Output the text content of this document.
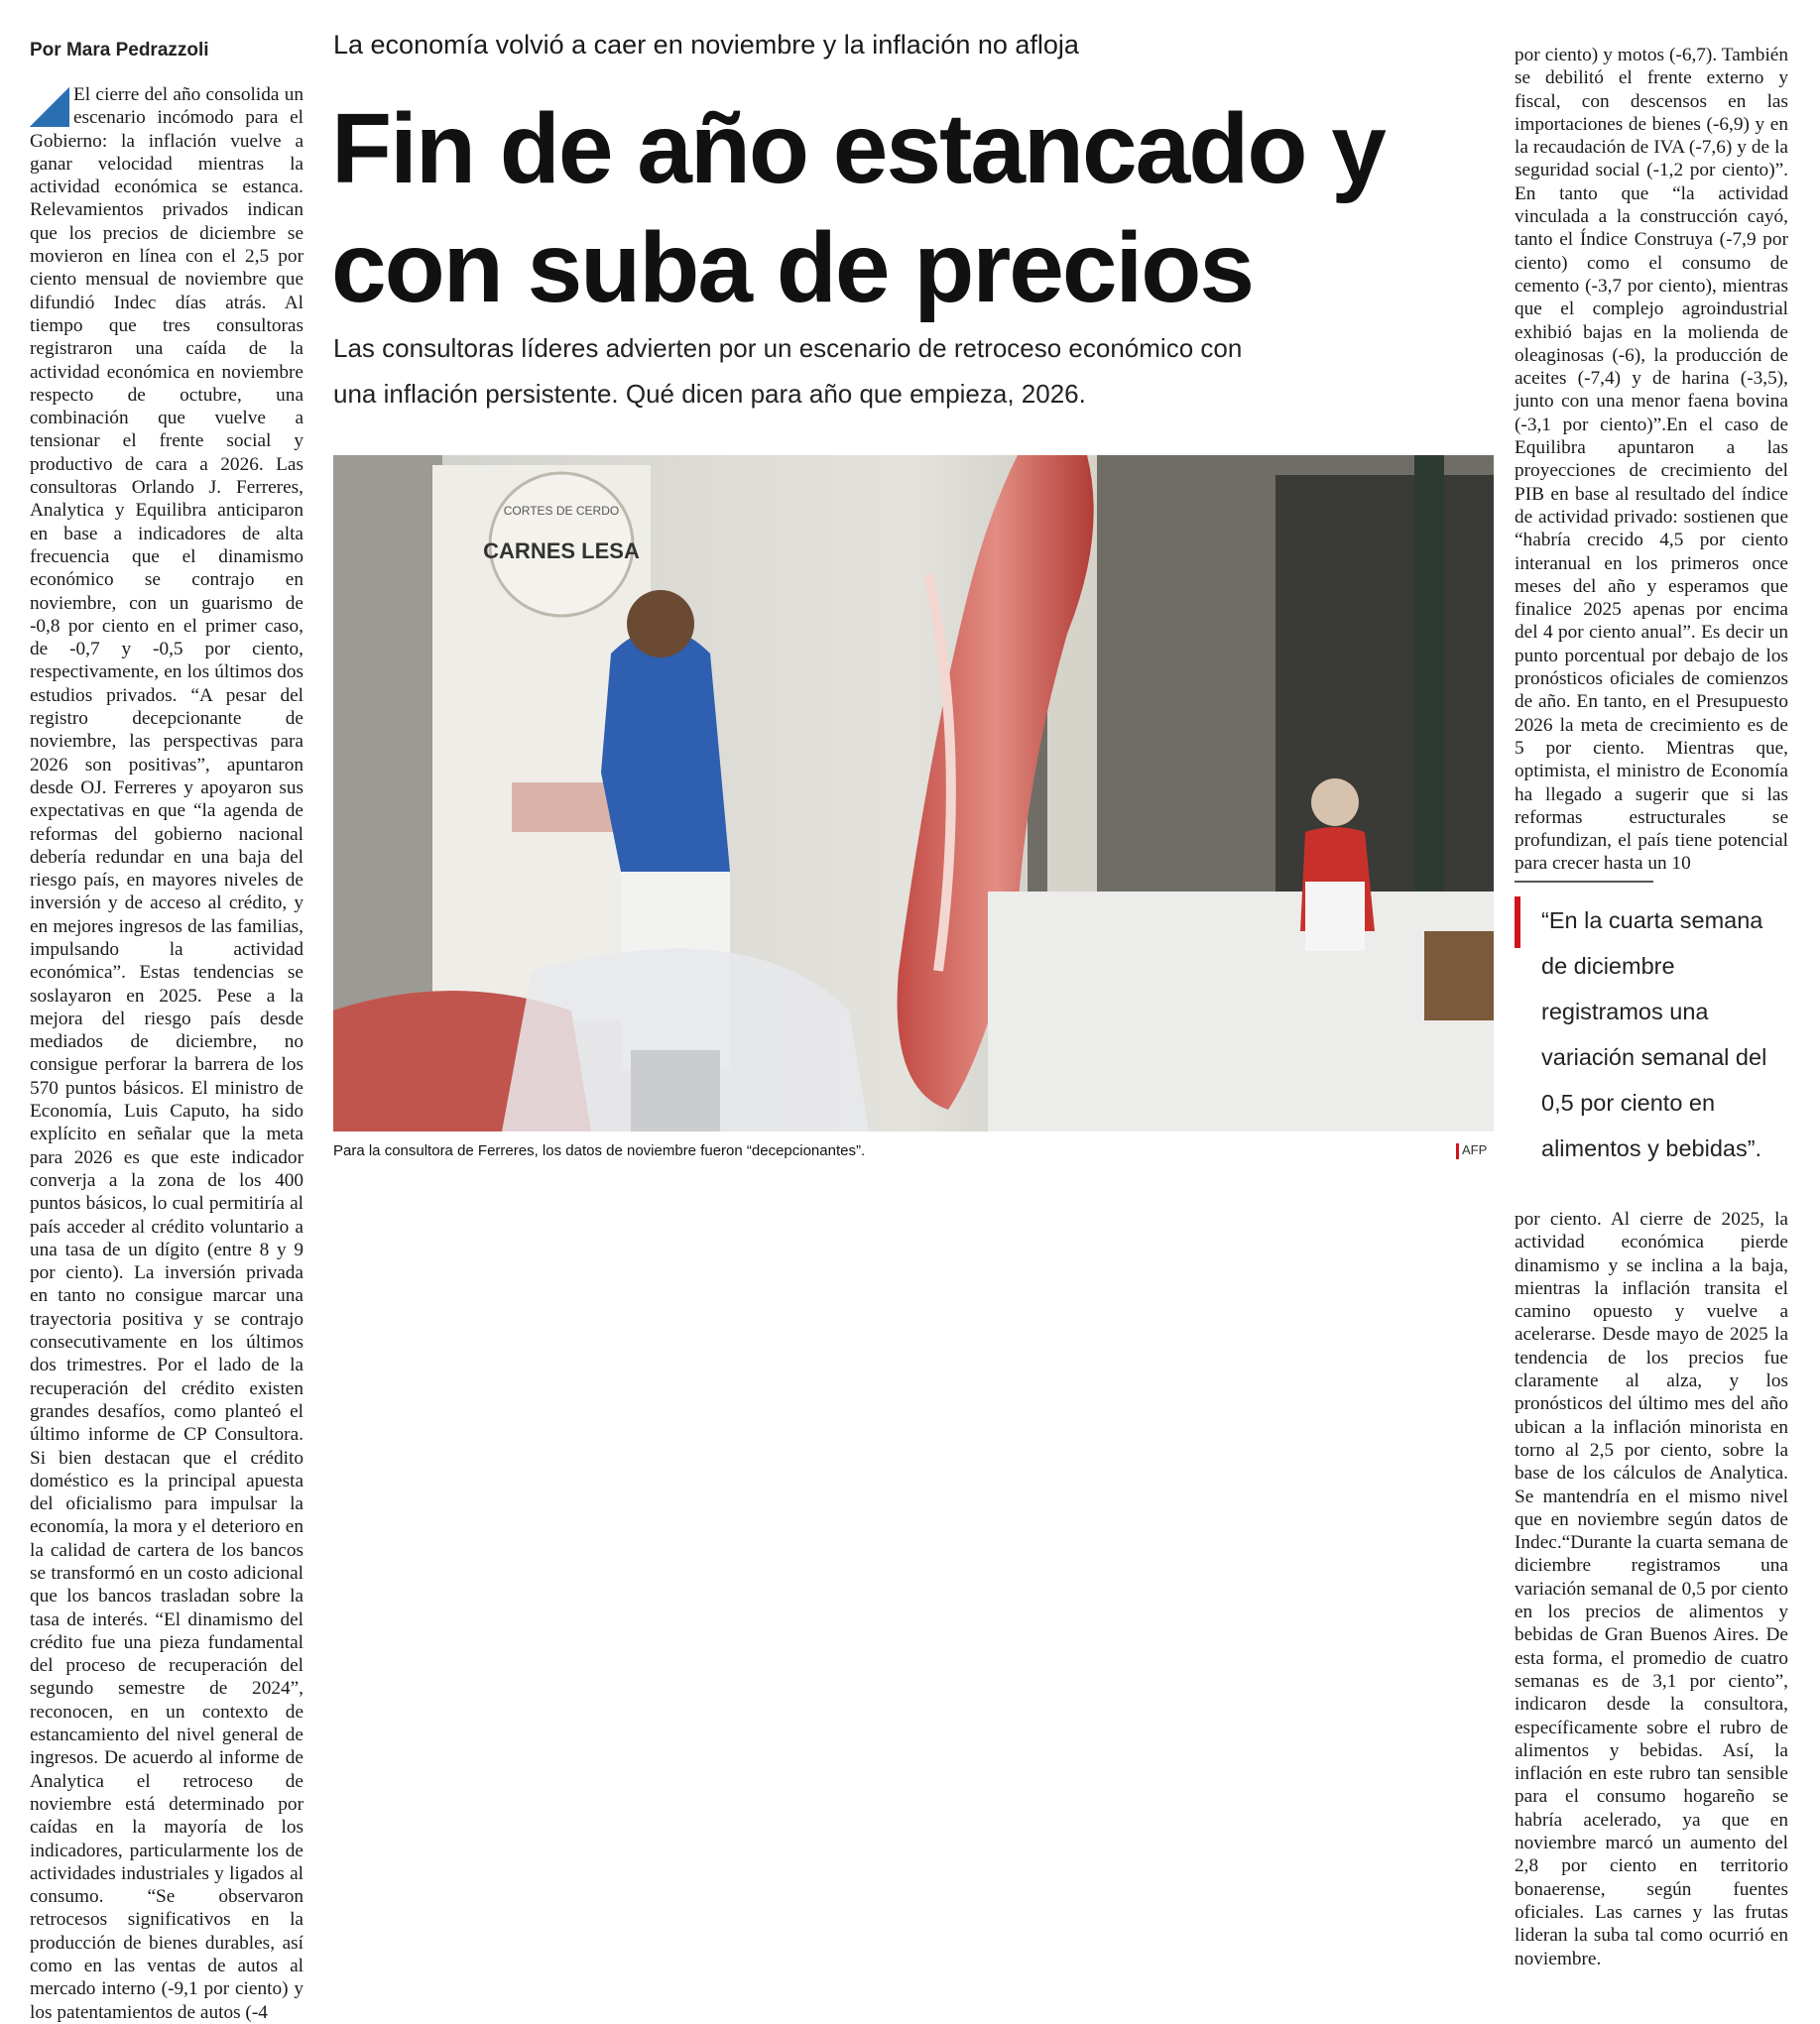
Por Mara Pedrazzoli
El cierre del año consolida un escenario incómodo para el Gobierno: la inflación vuelve a ganar velocidad mientras la actividad económica se estanca. Relevamientos privados indican que los precios de diciembre se movieron en línea con el 2,5 por ciento mensual de noviembre que difundió Indec días atrás. Al tiempo que tres consultoras registraron una caída de la actividad económica en noviembre respecto de octubre, una combinación que vuelve a tensionar el frente social y productivo de cara a 2026. Las consultoras Orlando J. Ferreres, Analytica y Equilibra anticiparon en base a indicadores de alta frecuencia que el dinamismo económico se contrajo en noviembre, con un guarismo de -0,8 por ciento en el primer caso, de -0,7 y -0,5 por ciento, respectivamente, en los últimos dos estudios privados. “A pesar del registro decepcionante de noviembre, las perspectivas para 2026 son positivas”, apuntaron desde OJ. Ferreres y apoyaron sus expectativas en que “la agenda de reformas del gobierno nacional debería redundar en una baja del riesgo país, en mayores niveles de inversión y de acceso al crédito, y en mejores ingresos de las familias, impulsando la actividad económica”. Estas tendencias se soslayaron en 2025. Pese a la mejora del riesgo país desde mediados de diciembre, no consigue perforar la barrera de los 570 puntos básicos. El ministro de Economía, Luis Caputo, ha sido explícito en señalar que la meta para 2026 es que este indicador converja a la zona de los 400 puntos básicos, lo cual permitiría al país acceder al crédito voluntario a una tasa de un dígito (entre 8 y 9 por ciento). La inversión privada en tanto no consigue marcar una trayectoria positiva y se contrajo consecutivamente en los últimos dos trimestres. Por el lado de la recuperación del crédito existen grandes desafíos, como planteó el último informe de CP Consultora. Si bien destacan que el crédito doméstico es la principal apuesta del oficialismo para impulsar la economía, la mora y el deterioro en la calidad de cartera de los bancos se transformó en un costo adicional que los bancos trasladan sobre la tasa de interés. “El dinamismo del crédito fue una pieza fundamental del proceso de recuperación del segundo semestre de 2024”, reconocen, en un contexto de estancamiento del nivel general de ingresos. De acuerdo al informe de Analytica el retroceso de noviembre está determinado por caídas en la mayoría de los indicadores, particularmente los de actividades industriales y ligados al consumo. “Se observaron retrocesos significativos en la producción de bienes durables, así como en las ventas de autos al mercado interno (-9,1 por ciento) y los patentamientos de autos (-4
La economía volvió a caer en noviembre y la inflación no afloja
Fin de año estancado y con suba de precios
Las consultoras líderes advierten por un escenario de retroceso económico con una inflación persistente. Qué dicen para año que empieza, 2026.
CORTES DE CERDO
CARNES LESA
Para la consultora de Ferreres, los datos de noviembre fueron “decepcionantes”.	AFP
por ciento) y motos (-6,7). También se debilitó el frente externo y fiscal, con descensos en las importaciones de bienes (-6,9) y en la recaudación de IVA (-7,6) y de la seguridad social (-1,2 por ciento)”. En tanto que “la actividad vinculada a la construcción cayó, tanto el Índice Construya (-7,9 por ciento) como el consumo de cemento (-3,7 por ciento), mientras que el complejo agroindustrial exhibió bajas en la molienda de oleaginosas (-6), la producción de aceites (-7,4) y de harina (-3,5), junto con una menor faena bovina (-3,1 por ciento)”.En el caso de Equilibra apuntaron a las proyecciones de crecimiento del PIB en base al resultado del índice de actividad privado: sostienen que “habría crecido 4,5 por ciento interanual en los primeros once meses del año y esperamos que finalice 2025 apenas por encima del 4 por ciento anual”. Es decir un punto porcentual por debajo de los pronósticos oficiales de comienzos de año. En tanto, en el Presupuesto 2026 la meta de crecimiento es de 5 por ciento. Mientras que, optimista, el ministro de Economía ha llegado a sugerir que si las reformas estructurales se profundizan, el país tiene potencial para crecer hasta un 10
“En la cuarta semana de diciembre registramos una variación semanal del 0,5 por ciento en alimentos y bebidas”.
por ciento. Al cierre de 2025, la actividad económica pierde dinamismo y se inclina a la baja, mientras la inflación transita el camino opuesto y vuelve a acelerarse. Desde mayo de 2025 la tendencia de los precios fue claramente al alza, y los pronósticos del último mes del año ubican a la inflación minorista en torno al 2,5 por ciento, sobre la base de los cálculos de Analytica. Se mantendría en el mismo nivel que en noviembre según datos de Indec.“Durante la cuarta semana de diciembre registramos una variación semanal de 0,5 por ciento en los precios de alimentos y bebidas de Gran Buenos Aires. De esta forma, el promedio de cuatro semanas es de 3,1 por ciento”, indicaron desde la consultora, específicamente sobre el rubro de alimentos y bebidas. Así, la inflación en este rubro tan sensible para el consumo hogareño se habría acelerado, ya que en noviembre marcó un aumento del 2,8 por ciento en territorio bonaerense, según fuentes oficiales. Las carnes y las frutas lideran la suba tal como ocurrió en noviembre.
